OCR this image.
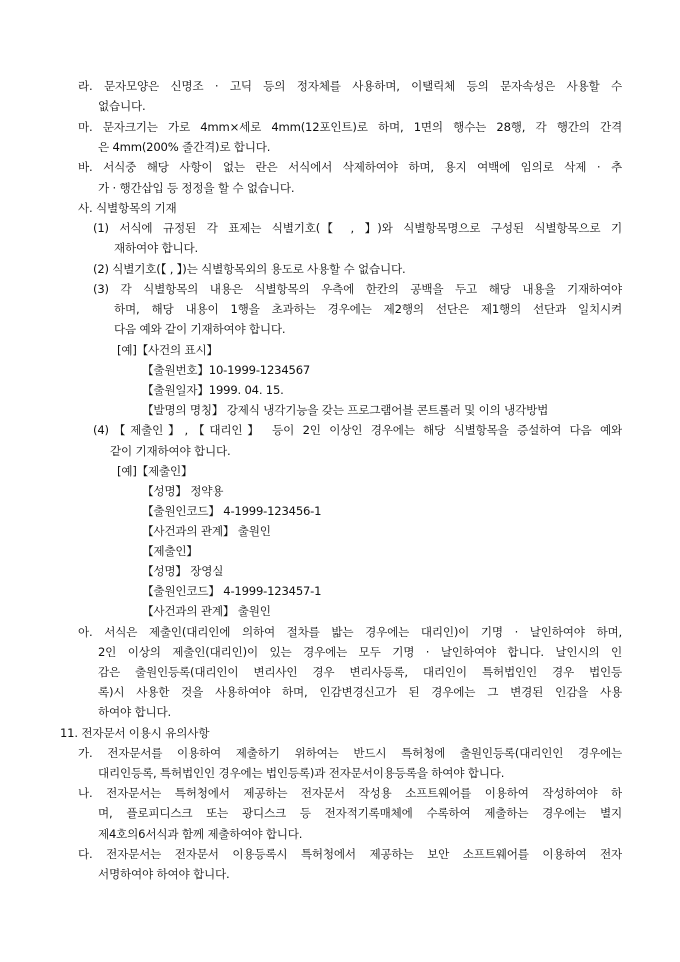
라. 문자모양은 신명조 · 고딕 등의 정자체를 사용하며, 이탤릭체 등의 문자속성은 사용할 수
없습니다.
마. 문자크기는 가로 4mm×세로 4mm(12포인트)로 하며, 1면의 행수는 28행, 각 행간의 간격
은 4mm(200% 줄간격)로 합니다.
바. 서식중 해당 사항이 없는 란은 서식에서 삭제하여야 하며, 용지 여백에 임의로 삭제 · 추
가 · 행간삽입 등 정정을 할 수 없습니다.
사. 식별항목의 기재
(1) 서식에 규정된 각 표제는 식별기호(【 , 】)와 식별항목명으로 구성된 식별항목으로 기
재하여야 합니다.
(2) 식별기호(【 , 】)는 식별항목외의 용도로 사용할 수 없습니다.
(3) 각 식별항목의 내용은 식별항목의 우측에 한칸의 공백을 두고 해당 내용을 기재하여야
하며, 해당 내용이 1행을 초과하는 경우에는 제2행의 선단은 제1행의 선단과 일치시켜
다음 예와 같이 기재하여야 합니다.
[예]【사건의 표시】
【출원번호】10-1999-1234567
【출원일자】1999. 04. 15.
【발명의 명칭】 강제식 냉각기능을 갖는 프로그램어블 콘트롤러 및 이의 냉각방법
(4)【제출인】,【대리인】 등이 2인 이상인 경우에는 해당 식별항목을 증설하여 다음 예와
같이 기재하여야 합니다.
[예]【제출인】
【성명】 정약용
【출원인코드】 4-1999-123456-1
【사건과의 관계】 출원인
【제출인】
【성명】 장영실
【출원인코드】 4-1999-123457-1
【사건과의 관계】 출원인
아. 서식은 제출인(대리인에 의하여 절차를 밟는 경우에는 대리인)이 기명 · 날인하여야 하며,
2인 이상의 제출인(대리인)이 있는 경우에는 모두 기명 · 날인하여야 합니다. 날인시의 인
감은 출원인등록(대리인이 변리사인 경우 변리사등록, 대리인이 특허법인인 경우 법인등
록)시 사용한 것을 사용하여야 하며, 인감변경신고가 된 경우에는 그 변경된 인감을 사용
하여야 합니다.
11. 전자문서 이용시 유의사항
가. 전자문서를 이용하여 제출하기 위하여는 반드시 특허청에 출원인등록(대리인인 경우에는
대리인등록, 특허법인인 경우에는 법인등록)과 전자문서이용등록을 하여야 합니다.
나. 전자문서는 특허청에서 제공하는 전자문서 작성용 소프트웨어를 이용하여 작성하여야 하
며, 플로피디스크 또는 광디스크 등 전자적기록매체에 수록하여 제출하는 경우에는 별지
제4호의6서식과 함께 제출하여야 합니다.
다. 전자문서는 전자문서 이용등록시 특허청에서 제공하는 보안 소프트웨어를 이용하여 전자
서명하여야 하여야 합니다.
